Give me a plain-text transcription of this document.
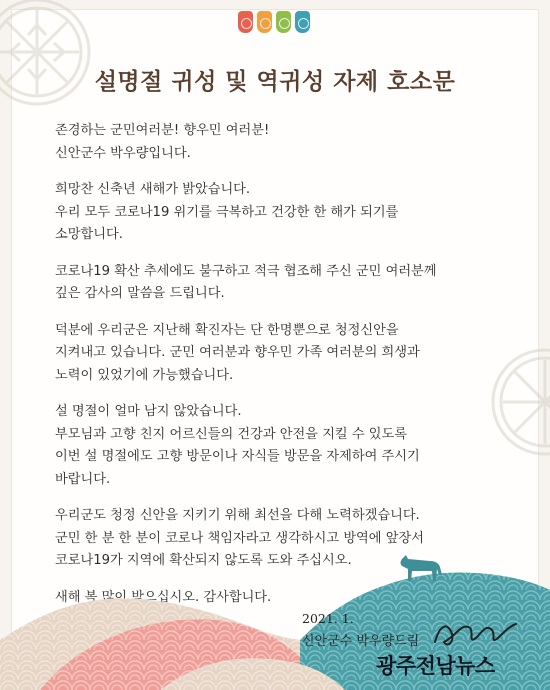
설명절 귀성 및 역귀성 자제 호소문
존경하는 군민여러분! 향우민 여러분!
신안군수 박우량입니다.
희망찬 신축년 새해가 밝았습니다.
우리 모두 코로나19 위기를 극복하고 건강한 한 해가 되기를
소망합니다.
코로나19 확산 추세에도 불구하고 적극 협조해 주신 군민 여러분께
깊은 감사의 말씀을 드립니다.
덕분에 우리군은 지난해 확진자는 단 한명뿐으로 청정신안을
지켜내고 있습니다. 군민 여러분과 향우민 가족 여러분의 희생과
노력이 있었기에 가능했습니다.
설 명절이 얼마 남지 않았습니다.
부모님과 고향 친지 어르신들의 건강과 안전을 지킬 수 있도록
이번 설 명절에도 고향 방문이나 자식들 방문을 자제하여 주시기
바랍니다.
우리군도 청정 신안을 지키기 위해 최선을 다해 노력하겠습니다.
군민 한 분 한 분이 코로나 책임자라고 생각하시고 방역에 앞장서
코로나19가 지역에 확산되지 않도록 도와 주십시오.
새해 복 많이 받으십시오. 감사합니다.
2021. 1.
신안군수 박우량드림
광주전남뉴스
